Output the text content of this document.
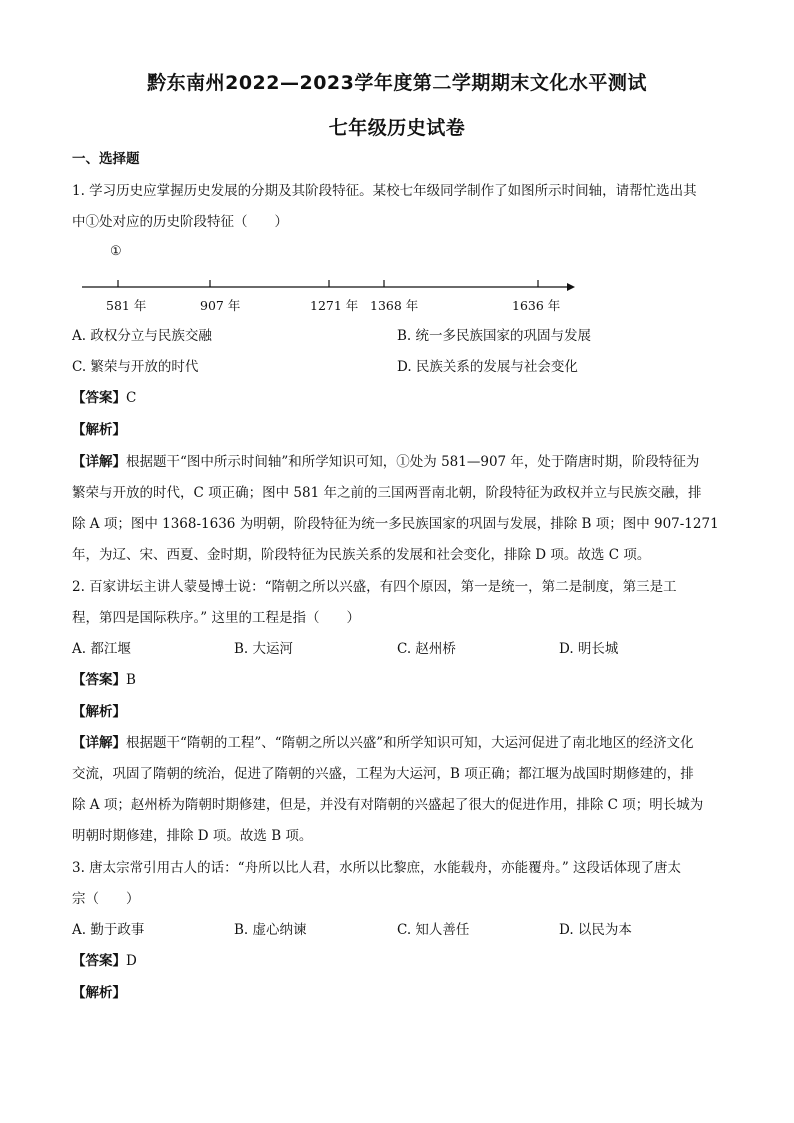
黔东南州2022—2023学年度第二学期期末文化水平测试
七年级历史试卷
一、选择题
1. 学习历史应掌握历史发展的分期及其阶段特征。某校七年级同学制作了如图所示时间轴，请帮忙选出其
中①处对应的历史阶段特征（　　）
①
581 年	907 年	1271 年 1368 年	1636 年
A. 政权分立与民族交融	B. 统一多民族国家的巩固与发展
C. 繁荣与开放的时代	D. 民族关系的发展与社会变化
【答案】C
【解析】
【详解】根据题干“图中所示时间轴”和所学知识可知，①处为 581—907 年，处于隋唐时期，阶段特征为
繁荣与开放的时代，C 项正确；图中 581 年之前的三国两晋南北朝，阶段特征为政权并立与民族交融，排
除 A 项；图中 1368-1636 为明朝，阶段特征为统一多民族国家的巩固与发展，排除 B 项；图中 907-1271
年，为辽、宋、西夏、金时期，阶段特征为民族关系的发展和社会变化，排除 D 项。故选 C 项。
2. 百家讲坛主讲人蒙曼博士说：“隋朝之所以兴盛，有四个原因，第一是统一，第二是制度，第三是工
程，第四是国际秩序。” 这里的工程是指（　　）
A. 都江堰	B. 大运河	C. 赵州桥	D. 明长城
【答案】B
【解析】
【详解】根据题干“隋朝的工程”、“隋朝之所以兴盛”和所学知识可知，大运河促进了南北地区的经济文化
交流，巩固了隋朝的统治，促进了隋朝的兴盛，工程为大运河，B 项正确；都江堰为战国时期修建的，排
除 A 项；赵州桥为隋朝时期修建，但是，并没有对隋朝的兴盛起了很大的促进作用，排除 C 项；明长城为
明朝时期修建，排除 D 项。故选 B 项。
3. 唐太宗常引用古人的话：“舟所以比人君，水所以比黎庶，水能载舟，亦能覆舟。” 这段话体现了唐太
宗（　　）
A. 勤于政事	B. 虚心纳谏	C. 知人善任	D. 以民为本
【答案】D
【解析】
